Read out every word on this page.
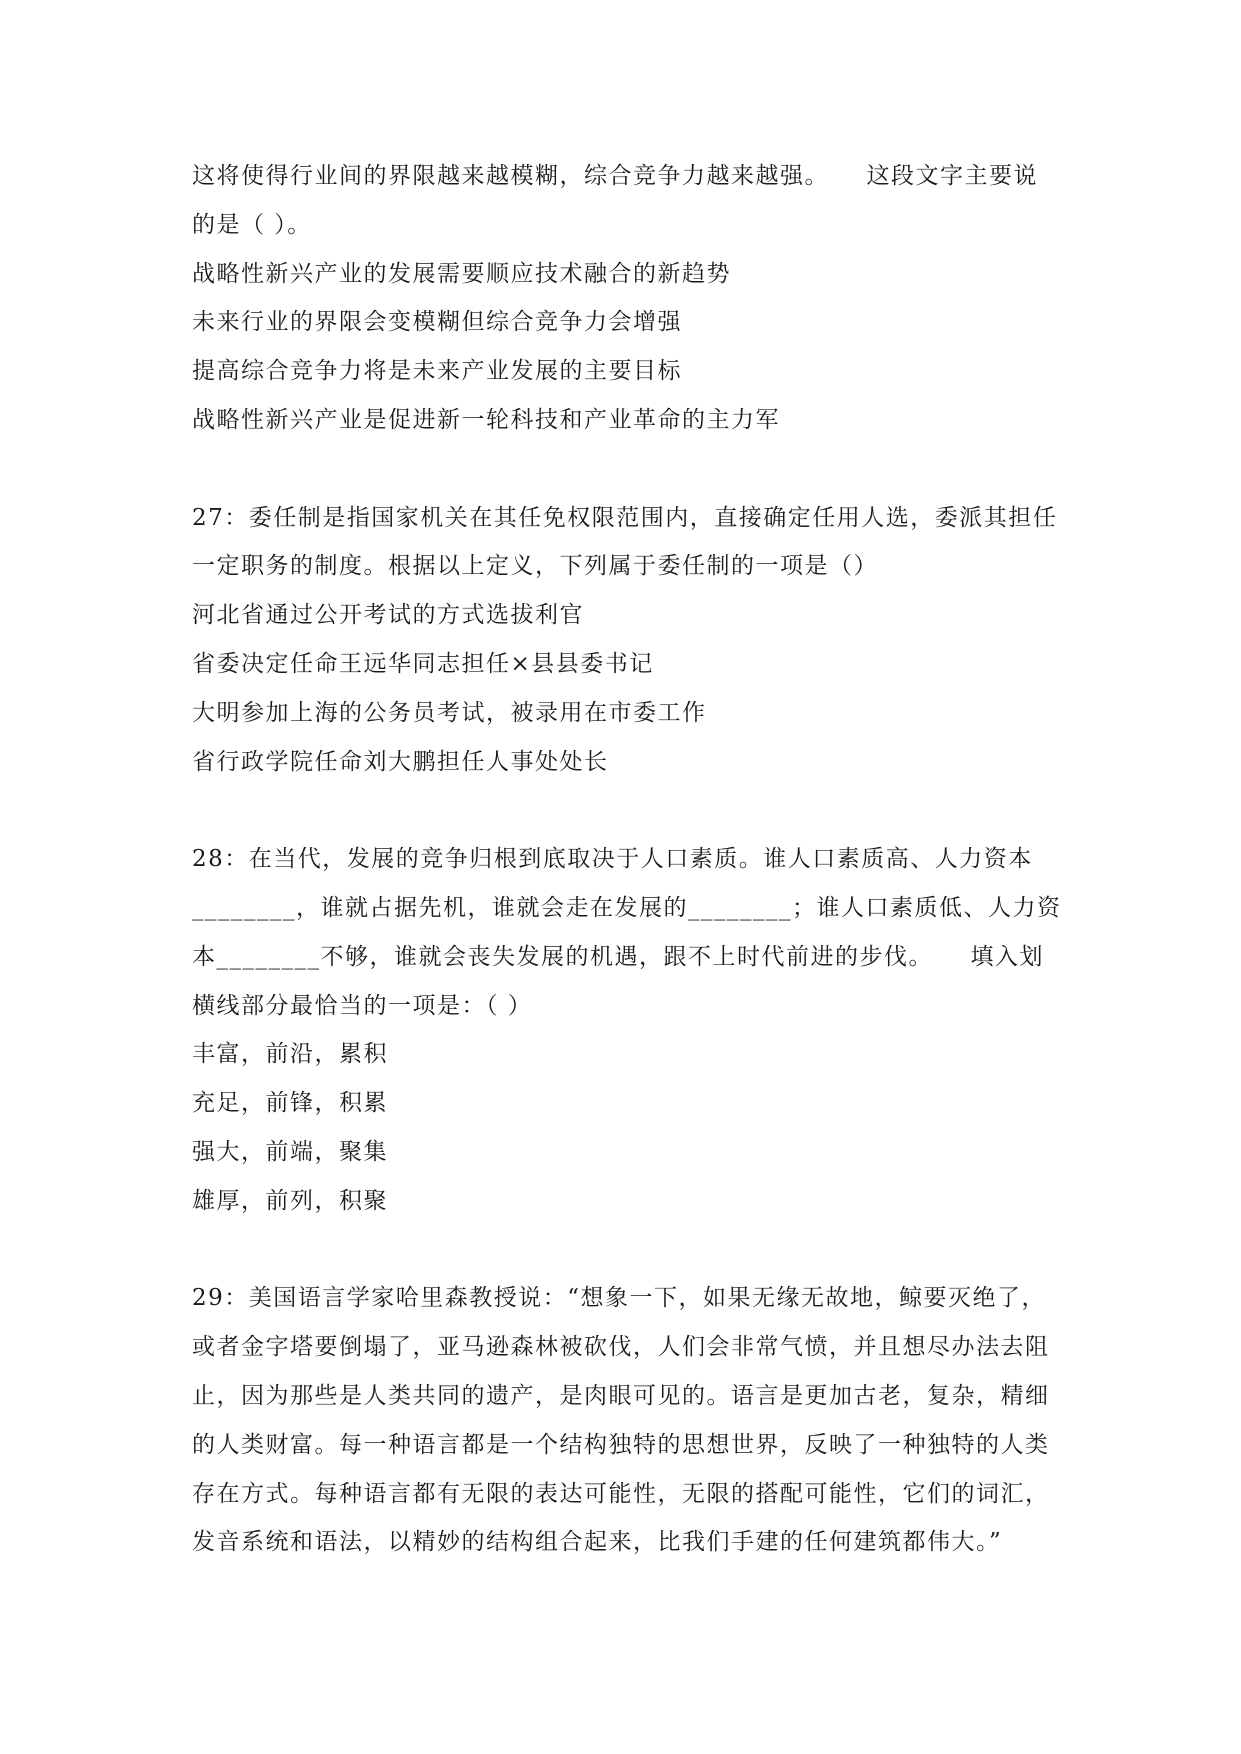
这将使得行业间的界限越来越模糊，综合竞争力越来越强。　　这段文字主要说
的是（ ）。
战略性新兴产业的发展需要顺应技术融合的新趋势
未来行业的界限会变模糊但综合竞争力会增强
提高综合竞争力将是未来产业发展的主要目标
战略性新兴产业是促进新一轮科技和产业革命的主力军
27：委任制是指国家机关在其任免权限范围内，直接确定任用人选，委派其担任
一定职务的制度。根据以上定义，下列属于委任制的一项是（）
河北省通过公开考试的方式选拔利官
省委决定任命王远华同志担任×县县委书记
大明参加上海的公务员考试，被录用在市委工作
省行政学院任命刘大鹏担任人事处处长
28：在当代，发展的竞争归根到底取决于人口素质。谁人口素质高、人力资本
________，谁就占据先机，谁就会走在发展的________；谁人口素质低、人力资
本________不够，谁就会丧失发展的机遇，跟不上时代前进的步伐。　　填入划
横线部分最恰当的一项是：（ ）
丰富，前沿，累积
充足，前锋，积累
强大，前端，聚集
雄厚，前列，积聚
29：美国语言学家哈里森教授说：“想象一下，如果无缘无故地，鲸要灭绝了，
或者金字塔要倒塌了，亚马逊森林被砍伐，人们会非常气愤，并且想尽办法去阻
止，因为那些是人类共同的遗产，是肉眼可见的。语言是更加古老，复杂，精细
的人类财富。每一种语言都是一个结构独特的思想世界，反映了一种独特的人类
存在方式。每种语言都有无限的表达可能性，无限的搭配可能性，它们的词汇，
发音系统和语法，以精妙的结构组合起来，比我们手建的任何建筑都伟大。”
